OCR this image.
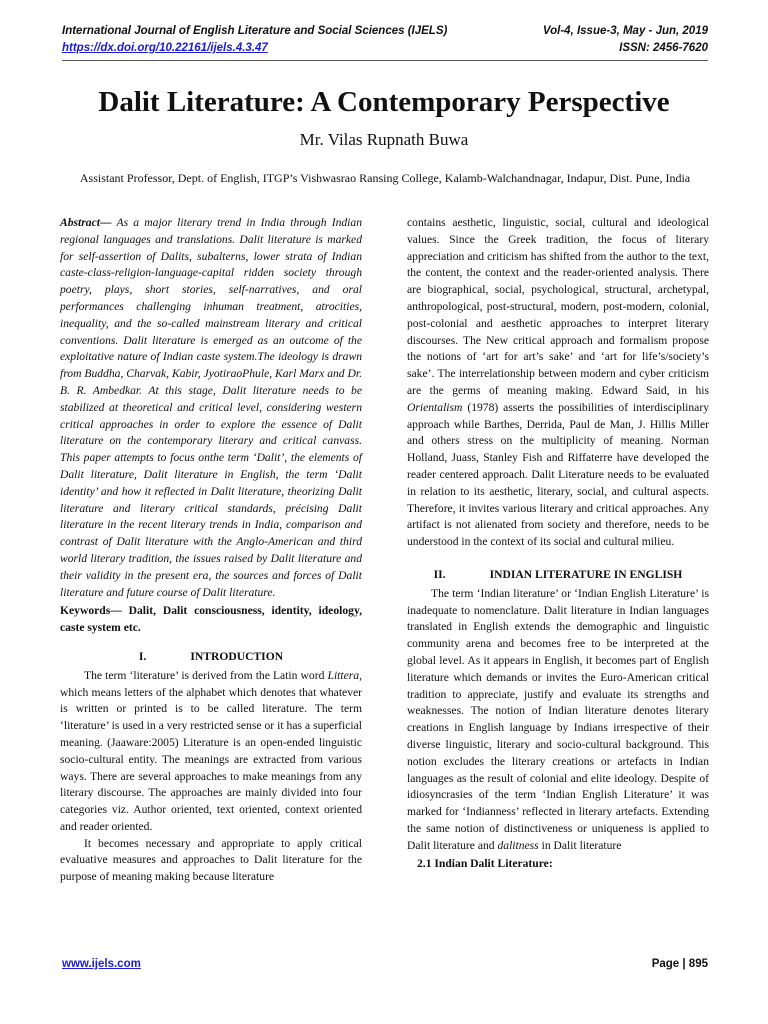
International Journal of English Literature and Social Sciences (IJELS)	Vol-4, Issue-3, May - Jun, 2019
https://dx.doi.org/10.22161/ijels.4.3.47	ISSN: 2456-7620
Dalit Literature: A Contemporary Perspective
Mr. Vilas Rupnath Buwa
Assistant Professor, Dept. of English, ITGP’s Vishwasrao Ransing College, Kalamb-Walchandnagar, Indapur, Dist. Pune, India

Abstract— As a major literary trend in India through Indian regional languages and translations. Dalit literature is marked for self-assertion of Dalits, subalterns, lower strata of Indian caste-class-religion-language-capital ridden society through poetry, plays, short stories, self-narratives, and oral performances challenging inhuman treatment, atrocities, inequality, and the so-called mainstream literary and critical conventions. Dalit literature is emerged as an outcome of the exploitative nature of Indian caste system.The ideology is drawn from Buddha, Charvak, Kabir, JyotiraoPhule, Karl Marx and Dr. B. R. Ambedkar. At this stage, Dalit literature needs to be stabilized at theoretical and critical level, considering western critical approaches in order to explore the essence of Dalit literature on the contemporary literary and critical canvass. This paper attempts to focus onthe term ‘Dalit’, the elements of Dalit literature, Dalit literature in English, the term ‘Dalit identity’ and how it reflected in Dalit literature, theorizing Dalit literature and literary critical standards, précising Dalit literature in the recent literary trends in India, comparison and contrast of Dalit literature with the Anglo-American and third world literary tradition, the issues raised by Dalit literature and their validity in the present era, the sources and forces of Dalit literature and future course of Dalit literature.

Keywords— Dalit, Dalit consciousness, identity, ideology, caste system etc.

I.	INTRODUCTION

The term ‘literature’ is derived from the Latin word Littera, which means letters of the alphabet which denotes that whatever is written or printed is to be called literature. The term ‘literature’ is used in a very restricted sense or it has a superficial meaning. (Jaaware:2005) Literature is an open-ended linguistic socio-cultural entity. The meanings are extracted from various ways. There are several approaches to make meanings from any literary discourse. The approaches are mainly divided into four categories viz. Author oriented, text oriented, context oriented and reader oriented.

It becomes necessary and appropriate to apply critical evaluative measures and approaches to Dalit literature for the purpose of meaning making because literature

contains aesthetic, linguistic, social, cultural and ideological values. Since the Greek tradition, the focus of literary appreciation and criticism has shifted from the author to the text, the content, the context and the reader-oriented analysis. There are biographical, social, psychological, structural, archetypal, anthropological, post-structural, modern, post-modern, colonial, post-colonial and aesthetic approaches to interpret literary discourses. The New critical approach and formalism propose the notions of ‘art for art’s sake’ and ‘art for life’s/society’s sake’. The interrelationship between modern and cyber criticism are the germs of meaning making. Edward Said, in his Orientalism (1978) asserts the possibilities of interdisciplinary approach while Barthes, Derrida, Paul de Man, J. Hillis Miller and others stress on the multiplicity of meaning. Norman Holland, Juass, Stanley Fish and Riffaterre have developed the reader centered approach. Dalit Literature needs to be evaluated in relation to its aesthetic, literary, social, and cultural aspects. Therefore, it invites various literary and critical approaches. Any artifact is not alienated from society and therefore, needs to be understood in the context of its social and cultural milieu.

II.	INDIAN LITERATURE IN ENGLISH

The term ‘Indian literature’ or ‘Indian English Literature’ is inadequate to nomenclature. Dalit literature in Indian languages translated in English extends the demographic and linguistic community arena and becomes free to be interpreted at the global level. As it appears in English, it becomes part of English literature which demands or invites the Euro-American critical tradition to appreciate, justify and evaluate its strengths and weaknesses. The notion of Indian literature denotes literary creations in English language by Indians irrespective of their diverse linguistic, literary and socio-cultural background. This notion excludes the literary creations or artefacts in Indian languages as the result of colonial and elite ideology. Despite of idiosyncrasies of the term ‘Indian English Literature’ it was marked for ‘Indianness’ reflected in literary artefacts. Extending the same notion of distinctiveness or uniqueness is applied to Dalit literature and dalitness in Dalit literature

2.1 Indian Dalit Literature:

www.ijels.com	Page | 895
